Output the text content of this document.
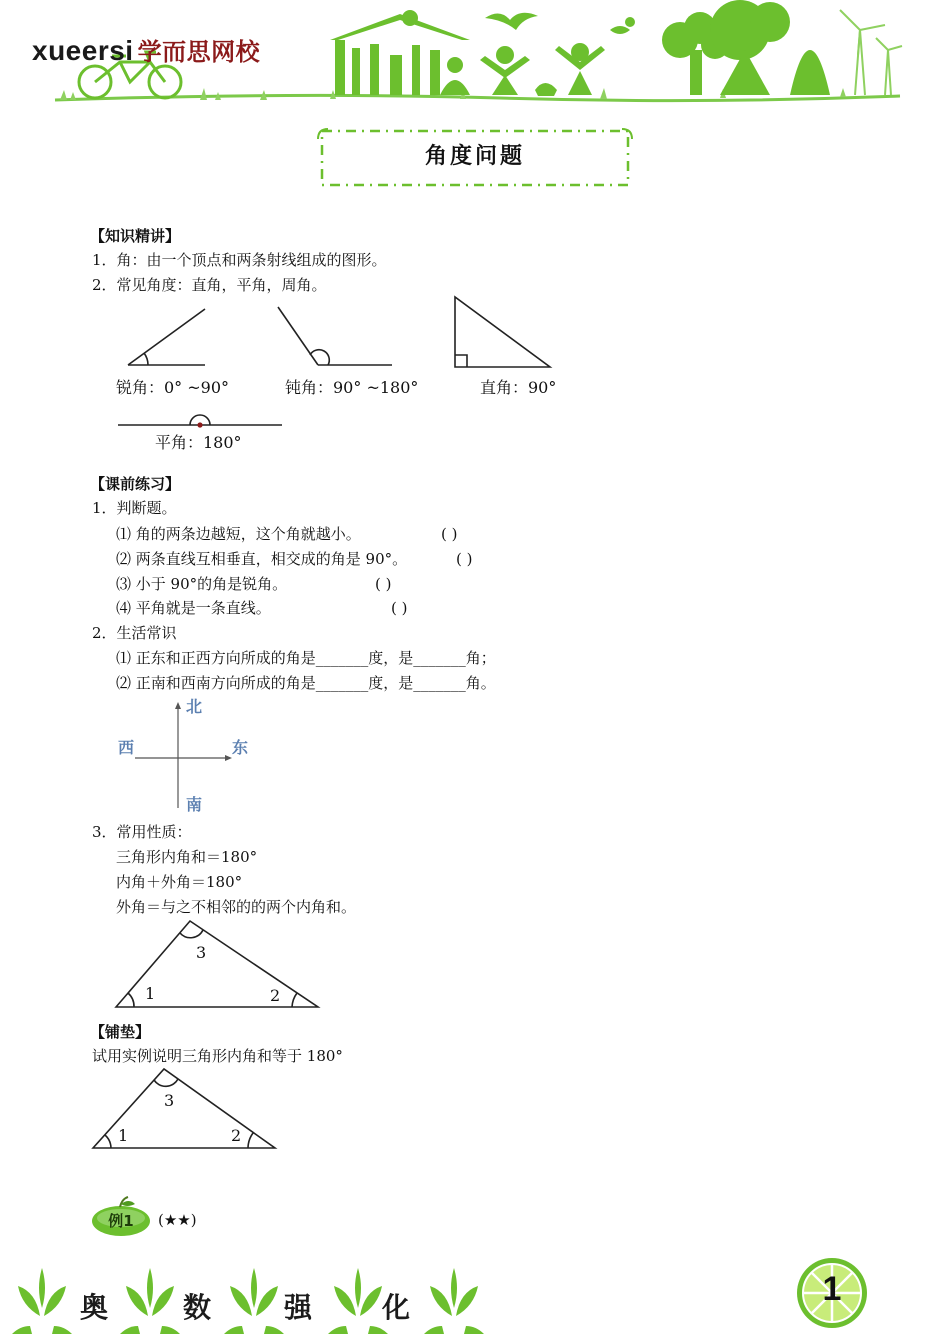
xueersi 学而思网校
角度问题
【知识精讲】
1．角：由一个顶点和两条射线组成的图形。
2．常见角度：直角，平角，周角。
锐角：0° ~90°	钝角：90° ~180°	直角：90°
平角：180°
【课前练习】
1．判断题。
⑴ 角的两条边越短，这个角就越小。	( )
⑵ 两条直线互相垂直，相交成的角是 90°。	( )
⑶ 小于 90°的角是锐角。	( )
⑷ 平角就是一条直线。	( )
2．生活常识
⑴ 正东和正西方向所成的角是_______度，是_______角；
⑵ 正南和西南方向所成的角是_______度，是_______角。
北
西	东
南
3．常用性质：
三角形内角和＝180°
内角＋外角＝180°
外角＝与之不相邻的的两个内角和。
1	2
3
【铺垫】
试用实例说明三角形内角和等于 180°
1	2
3
例1	(★★)
奥	数	强 化	1
